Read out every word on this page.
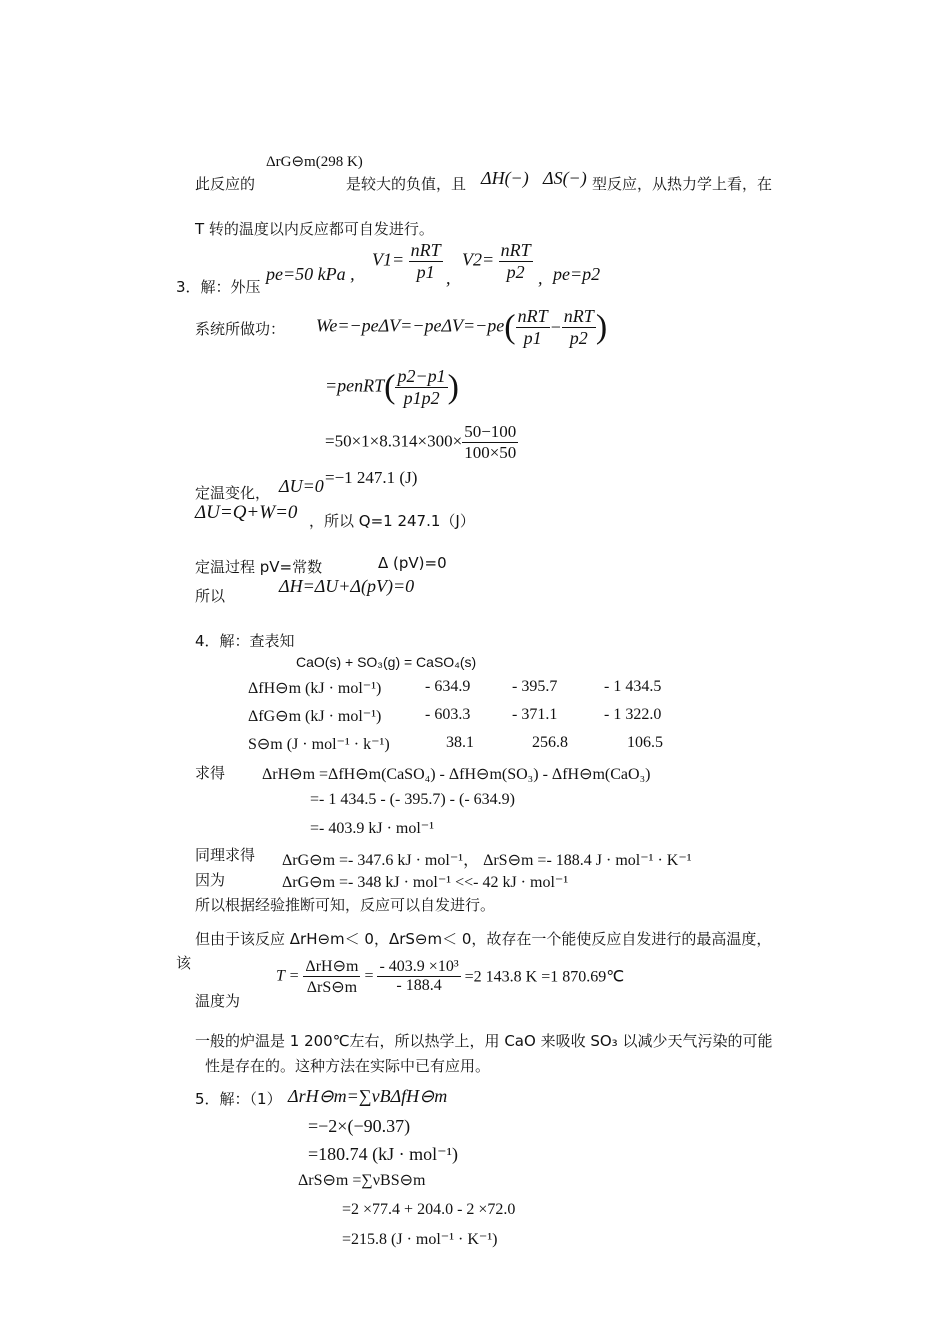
ΔrG⊖m(298 K)
此反应的	是较大的负值，且 ΔH(−) ΔS(−) 型反应，从热力学上看，在
T 转的温度以内反应都可自发进行。
3．解：外压
pe=50 kPa ,
$V1= \frac{\text{nRT}}{p1}$ ,
$V2= \frac{\text{nRT}}{p2}$ , pe=p2
系统所做功： $We=-pe\Delta V=-pe\Delta V=-pe( \frac{\text{nRT}}{p1} - \frac{\text{nRT}}{p2}$ )
=penRT( $\frac{p2-p1}{p1p2}$ )
$=50\times 1\times 8.314\times 300\times \frac{50-100}{100\times 50}$
=−1 247.1 (J)
定温变化， ΔU=0
ΔU=Q+W=0 ，所以 Q=1 247.1（J）
定温过程 pV=常数	Δ (pV)=0
所以	ΔH=ΔU+Δ(pV)=0
4．解：查表知
CaO(s) + SO₃(g) = CaSO₄(s)
ΔfH⊖m (kJ · mol⁻¹)	- 634.9	- 395.7	- 1 434.5
ΔfG⊖m (kJ · mol⁻¹)	- 603.3	- 371.1	- 1 322.0
S⊖m (J · mol⁻¹ · k⁻¹)	38.1	256.8	106.5
求得 ΔrH⊖m =ΔfH⊖m(CaSO₄) - ΔfH⊖m(SO₃) - ΔfH⊖m(CaO₃)
=- 1 434.5 - (- 395.7) - (- 634.9)
=- 403.9 kJ · mol⁻¹
同理求得 ΔrG⊖m =- 347.6 kJ · mol⁻¹， ΔrS⊖m =- 188.4 J · mol⁻¹ · K⁻¹
因为	ΔrG⊖m =- 348 kJ · mol⁻¹ <<- 42 kJ · mol⁻¹
所以根据经验推断可知，反应可以自发进行。
但由于该反应 ΔrH⊖m＜ 0，ΔrS⊖m＜ 0，故存在一个能使反应自发进行的最高温度，
该
温度为
$T = \frac{\text{ΔrH⊖m}}{\text{ΔrS⊖m}} = \frac{\text{- 403.9 ×10³}}{- 188.4} =2$ 143.8 K =1 870.69℃
一般的炉温是 1 200℃左右，所以热学上，用 CaO 来吸收 SO₃ 以减少天气污染的可能
性是存在的。这种方法在实际中已有应用。
5．解：（1） ΔrH⊖m=∑νBΔfH⊖m
=−2×(−90.37)
=180.74 (kJ · mol⁻¹)
ΔrS⊖m =∑νBS⊖m
=2 ×77.4 + 204.0 - 2 ×72.0
=215.8 (J · mol⁻¹ · K⁻¹)
